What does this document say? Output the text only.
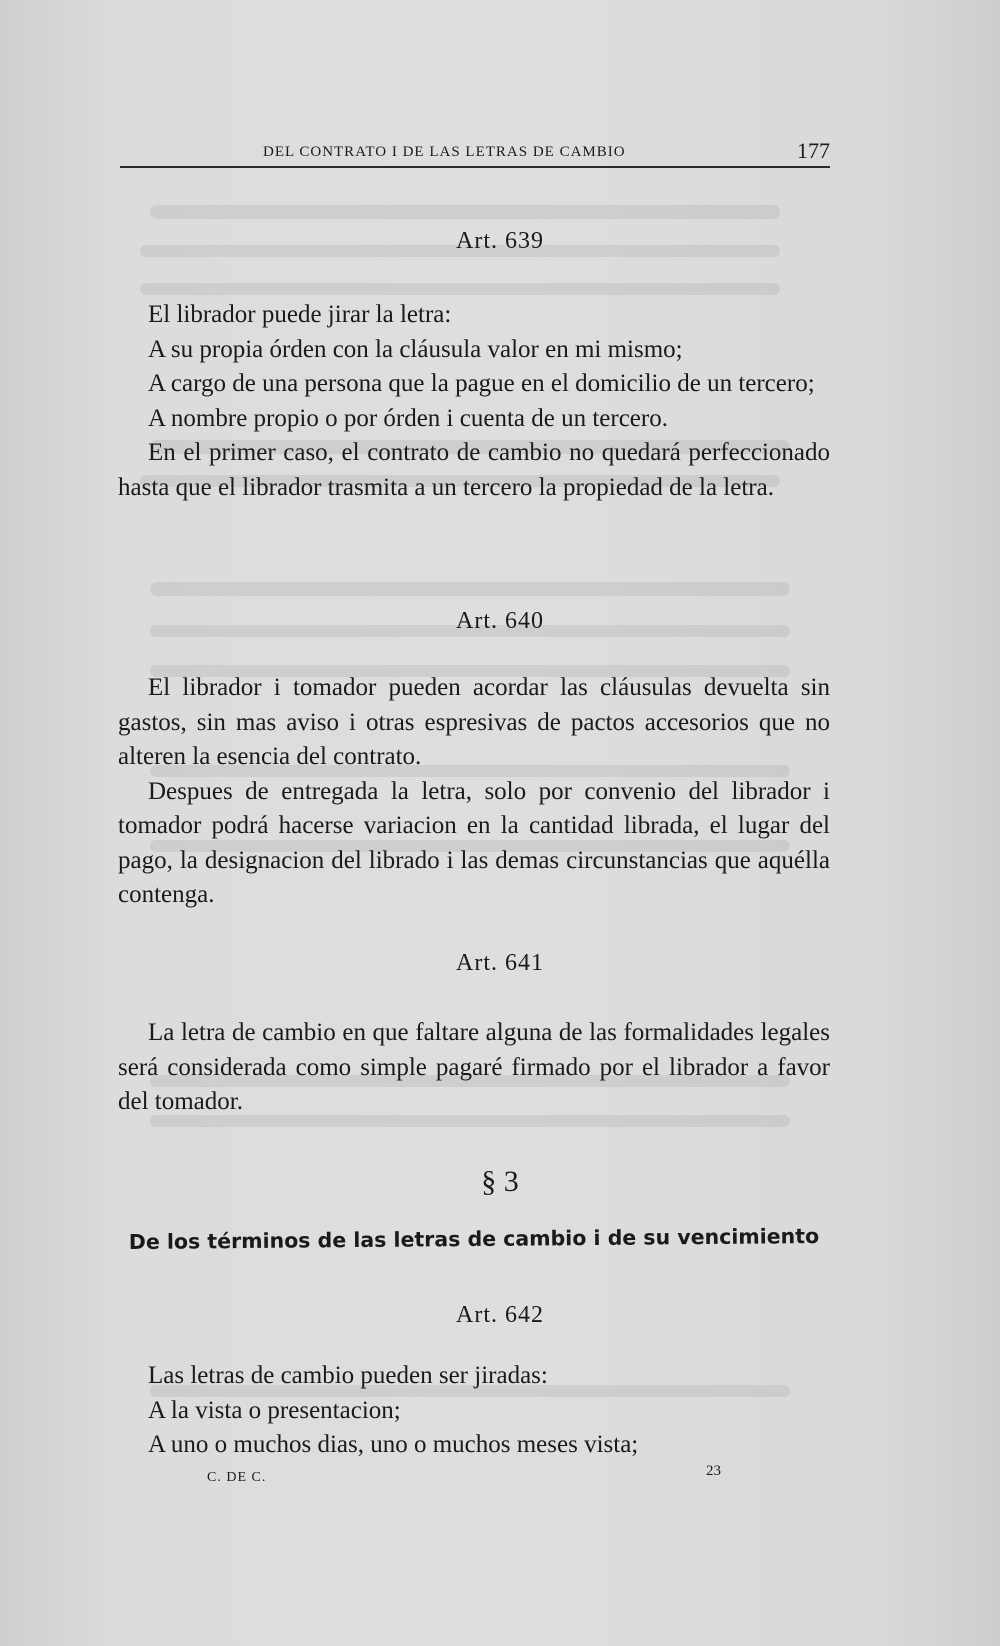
DEL CONTRATO I DE LAS LETRAS DE CAMBIO	177
Art. 639
El librador puede jirar la letra:
A su propia órden con la cláusula valor en mi mismo;
A cargo de una persona que la pague en el domicilio de un tercero;
A nombre propio o por órden i cuenta de un tercero.
En el primer caso, el contrato de cambio no quedará perfeccionado hasta que el librador trasmita a un tercero la propiedad de la letra.
Art. 640
El librador i tomador pueden acordar las cláusulas devuelta sin gastos, sin mas aviso i otras espresivas de pactos accesorios que no alteren la esencia del contrato.
Despues de entregada la letra, solo por convenio del librador i tomador podrá hacerse variacion en la cantidad librada, el lugar del pago, la designacion del librado i las demas circunstancias que aquélla contenga.
Art. 641
La letra de cambio en que faltare alguna de las formalidades legales será considerada como simple pagaré firmado por el librador a favor del tomador.
§ 3
De los términos de las letras de cambio i de su vencimiento
Art. 642
Las letras de cambio pueden ser jiradas:
A la vista o presentacion;
A uno o muchos dias, uno o muchos meses vista;
C. DE C.	23
